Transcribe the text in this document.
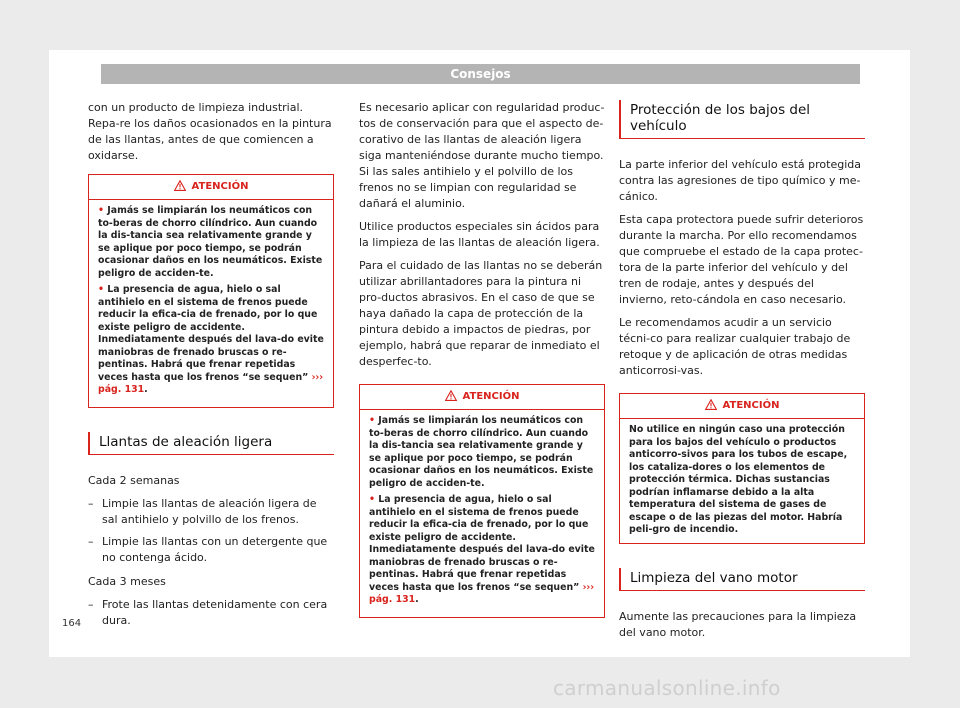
Consejos

con un producto de limpieza industrial. Repa-re los daños ocasionados en la pintura de las llantas, antes de que comiencen a oxidarse.

ATENCIÓN
• Jamás se limpiarán los neumáticos con to-beras de chorro cilíndrico. Aun cuando la dis-tancia sea relativamente grande y se aplique por poco tiempo, se podrán ocasionar daños en los neumáticos. Existe peligro de acciden-te.
• La presencia de agua, hielo o sal antihielo en el sistema de frenos puede reducir la efica-cia de frenado, por lo que existe peligro de accidente. Inmediatamente después del lava-do evite maniobras de frenado bruscas o re-pentinas. Habrá que frenar repetidas veces hasta que los frenos “se sequen” ››› pág. 131.
Llantas de aleación ligera

Cada 2 semanas

– Limpie las llantas de aleación ligera de sal antihielo y polvillo de los frenos.
– Limpie las llantas con un detergente que no contenga ácido.

Cada 3 meses

– Frote las llantas detenidamente con cera dura.

Es necesario aplicar con regularidad produc-tos de conservación para que el aspecto de-corativo de las llantas de aleación ligera siga manteniéndose durante mucho tiempo. Si las sales antihielo y el polvillo de los frenos no se limpian con regularidad se dañará el aluminio.

Utilice productos especiales sin ácidos para la limpieza de las llantas de aleación ligera.

Para el cuidado de las llantas no se deberán utilizar abrillantadores para la pintura ni pro-ductos abrasivos. En el caso de que se haya dañado la capa de protección de la pintura debido a impactos de piedras, por ejemplo, habrá que reparar de inmediato el desperfec-to.

ATENCIÓN
• Jamás se limpiarán los neumáticos con to-beras de chorro cilíndrico. Aun cuando la dis-tancia sea relativamente grande y se aplique por poco tiempo, se podrán ocasionar daños en los neumáticos. Existe peligro de acciden-te.
• La presencia de agua, hielo o sal antihielo en el sistema de frenos puede reducir la efica-cia de frenado, por lo que existe peligro de accidente. Inmediatamente después del lava-do evite maniobras de frenado bruscas o re-pentinas. Habrá que frenar repetidas veces hasta que los frenos “se sequen” ››› pág. 131.
Protección de los bajos del vehículo

La parte inferior del vehículo está protegida contra las agresiones de tipo químico y me-cánico.

Esta capa protectora puede sufrir deterioros durante la marcha. Por ello recomendamos que compruebe el estado de la capa protec-tora de la parte inferior del vehículo y del tren de rodaje, antes y después del invierno, reto-cándola en caso necesario.

Le recomendamos acudir a un servicio técni-co para realizar cualquier trabajo de retoque y de aplicación de otras medidas anticorrosi-vas.

ATENCIÓN
No utilice en ningún caso una protección para los bajos del vehículo o productos anticorro-sivos para los tubos de escape, los cataliza-dores o los elementos de protección térmica. Dichas sustancias podrían inflamarse debido a la alta temperatura del sistema de gases de escape o de las piezas del motor. Habría peli-gro de incendio.
Limpieza del vano motor

Aumente las precauciones para la limpieza del vano motor.

164
carmanualsonline.info
